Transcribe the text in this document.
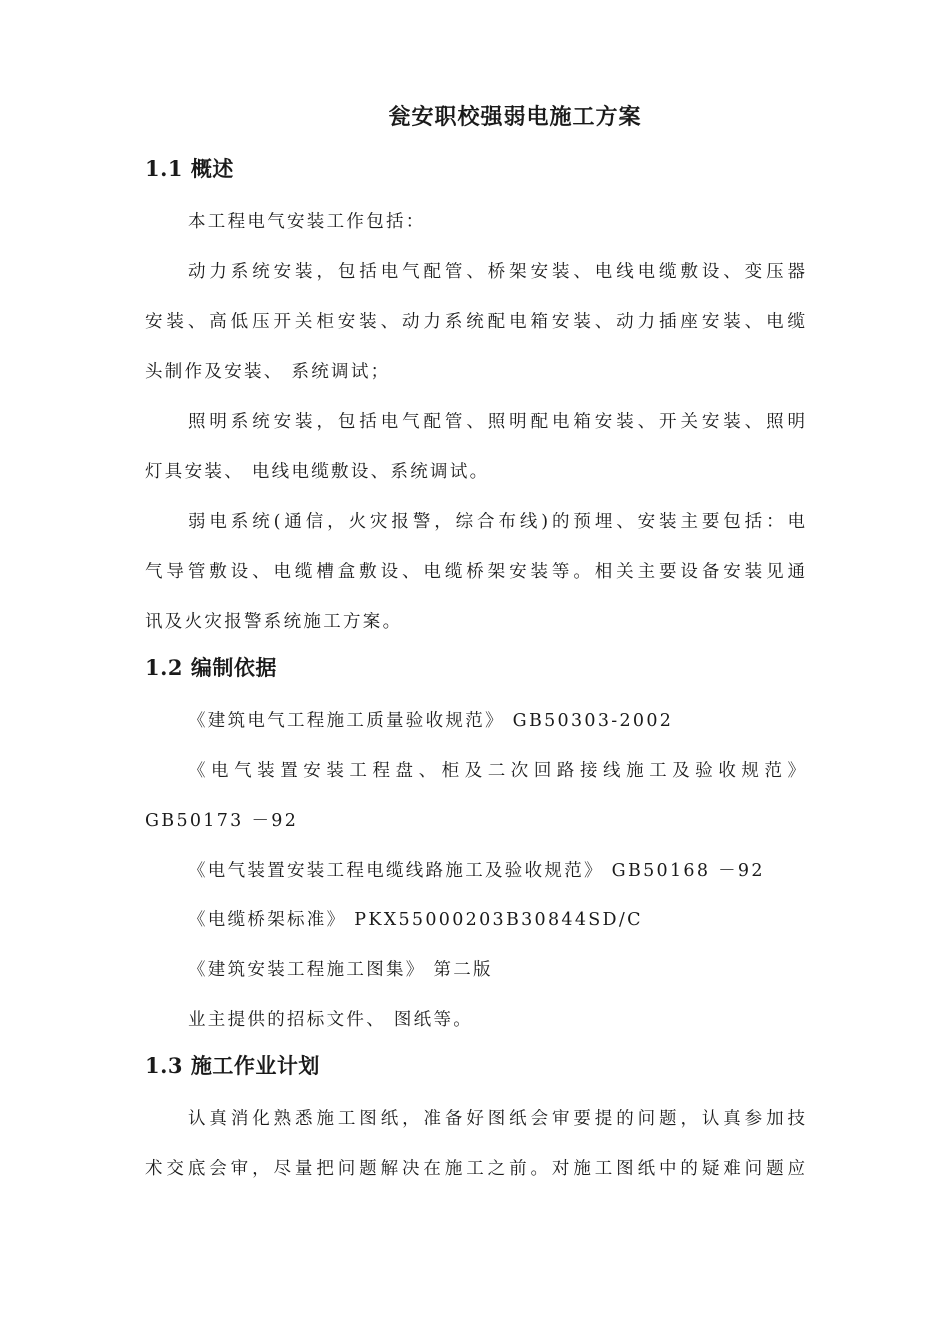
瓮安职校强弱电施工方案
1.1 概述
本工程电气安装工作包括：
动力系统安装，包括电气配管、桥架安装、电线电缆敷设、变压器
安装、高低压开关柜安装、动力系统配电箱安装、动力插座安装、电缆
头制作及安装、 系统调试；
照明系统安装，包括电气配管、照明配电箱安装、开关安装、照明
灯具安装、 电线电缆敷设、系统调试。
弱电系统(通信，火灾报警，综合布线)的预埋、安装主要包括：电
气导管敷设、电缆槽盒敷设、电缆桥架安装等。相关主要设备安装见通
讯及火灾报警系统施工方案。
1.2 编制依据
《建筑电气工程施工质量验收规范》 GB50303-2002
《电气装置安装工程盘、柜及二次回路接线施工及验收规范》
GB50173 －92
《电气装置安装工程电缆线路施工及验收规范》 GB50168 －92
《电缆桥架标准》 PKX55000203B30844SD/C
《建筑安装工程施工图集》 第二版
业主提供的招标文件、 图纸等。
1.3 施工作业计划
认真消化熟悉施工图纸，准备好图纸会审要提的问题，认真参加技
术交底会审，尽量把问题解决在施工之前。对施工图纸中的疑难问题应
